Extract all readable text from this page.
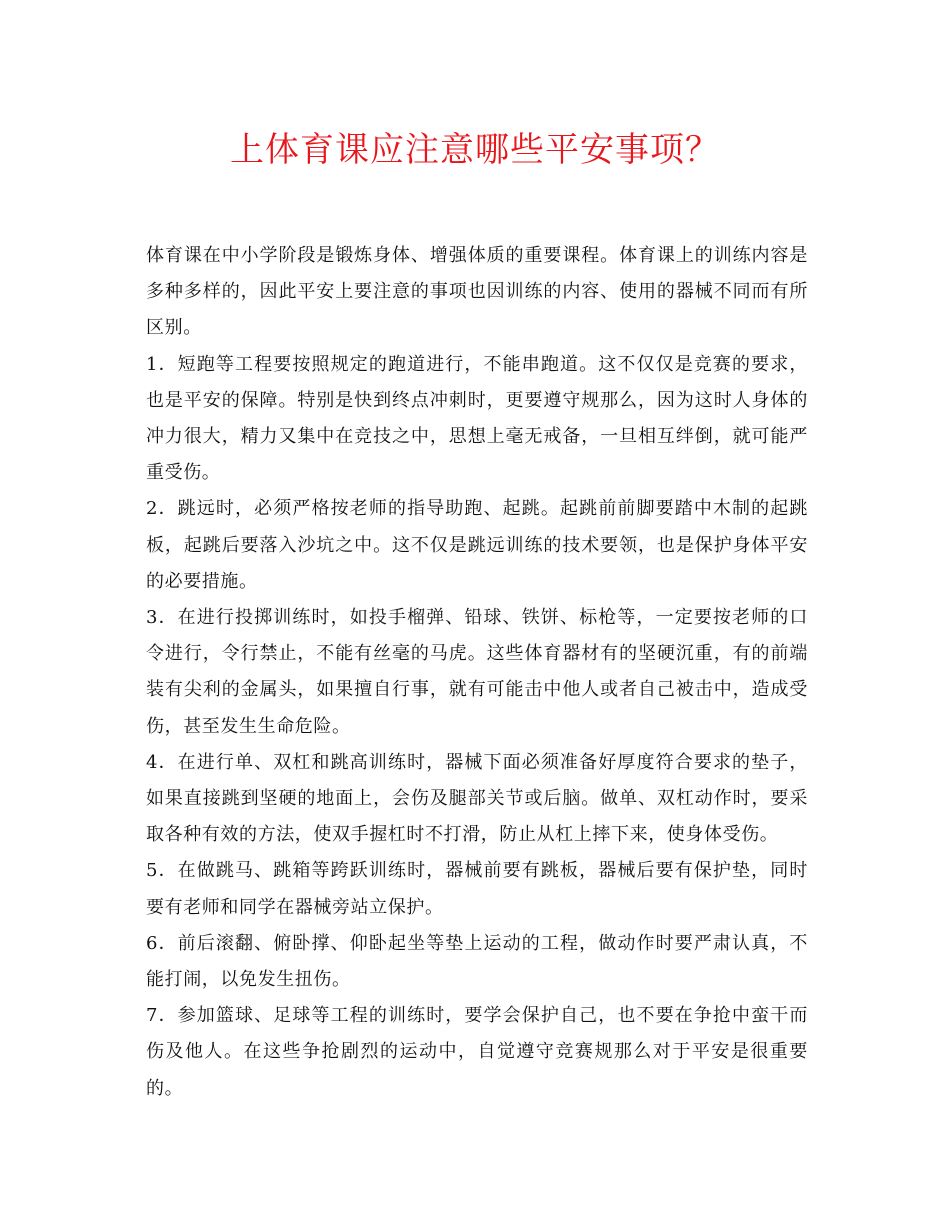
上体育课应注意哪些平安事项？

体育课在中小学阶段是锻炼身体、增强体质的重要课程。体育课上的训练内容是多种多样的，因此平安上要注意的事项也因训练的内容、使用的器械不同而有所区别。

1．短跑等工程要按照规定的跑道进行，不能串跑道。这不仅仅是竞赛的要求，也是平安的保障。特别是快到终点冲刺时，更要遵守规那么，因为这时人身体的冲力很大，精力又集中在竞技之中，思想上毫无戒备，一旦相互绊倒，就可能严重受伤。

2．跳远时，必须严格按老师的指导助跑、起跳。起跳前前脚要踏中木制的起跳板，起跳后要落入沙坑之中。这不仅是跳远训练的技术要领，也是保护身体平安的必要措施。

3．在进行投掷训练时，如投手榴弹、铅球、铁饼、标枪等，一定要按老师的口令进行，令行禁止，不能有丝毫的马虎。这些体育器材有的坚硬沉重，有的前端装有尖利的金属头，如果擅自行事，就有可能击中他人或者自己被击中，造成受伤，甚至发生生命危险。

4．在进行单、双杠和跳高训练时，器械下面必须准备好厚度符合要求的垫子，如果直接跳到坚硬的地面上，会伤及腿部关节或后脑。做单、双杠动作时，要采取各种有效的方法，使双手握杠时不打滑，防止从杠上摔下来，使身体受伤。

5．在做跳马、跳箱等跨跃训练时，器械前要有跳板，器械后要有保护垫，同时要有老师和同学在器械旁站立保护。

6．前后滚翻、俯卧撑、仰卧起坐等垫上运动的工程，做动作时要严肃认真，不能打闹，以免发生扭伤。

7．参加篮球、足球等工程的训练时，要学会保护自己，也不要在争抢中蛮干而伤及他人。在这些争抢剧烈的运动中，自觉遵守竞赛规那么对于平安是很重要的。
